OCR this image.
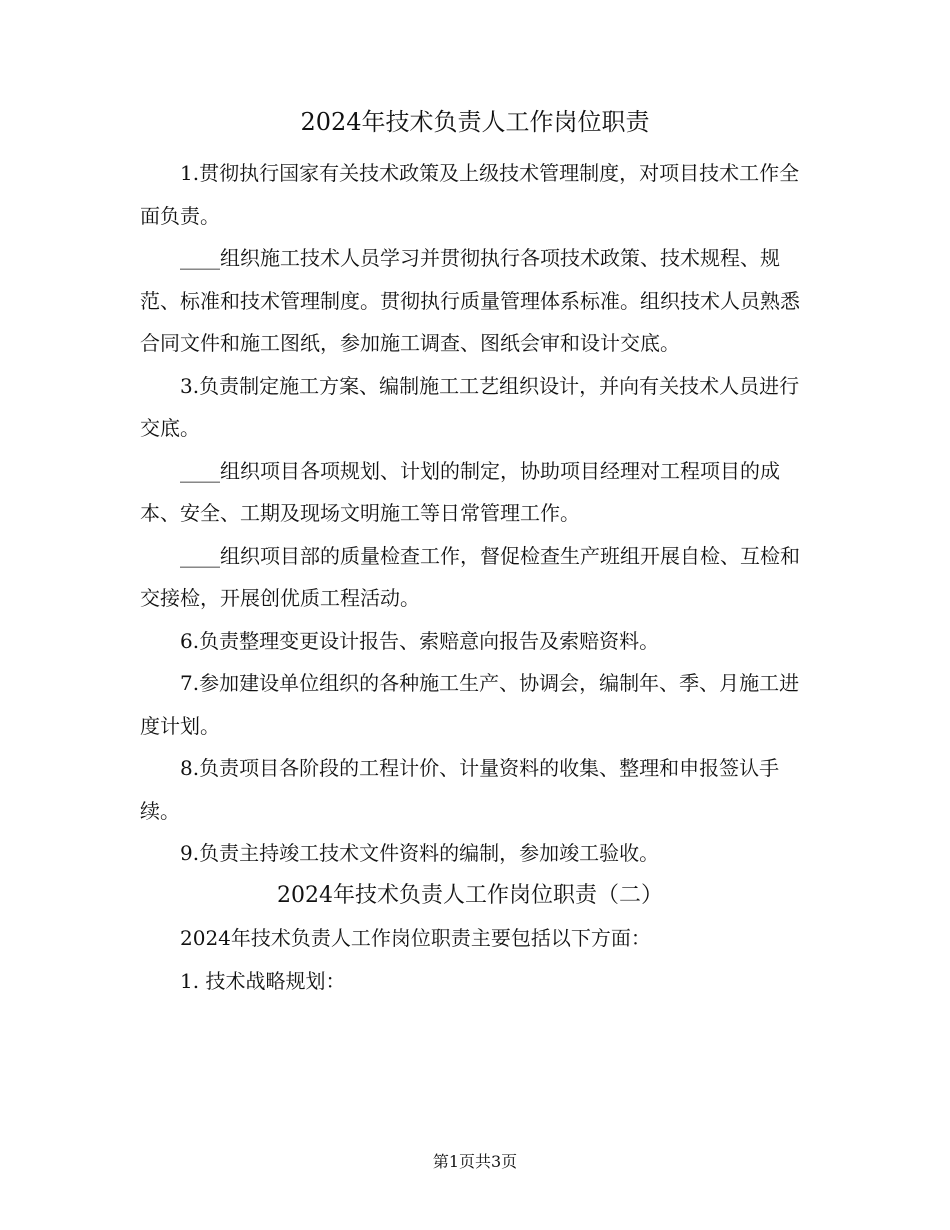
2024年技术负责人工作岗位职责

1.贯彻执行国家有关技术政策及上级技术管理制度，对项目技术工作全面负责。

____组织施工技术人员学习并贯彻执行各项技术政策、技术规程、规范、标准和技术管理制度。贯彻执行质量管理体系标准。组织技术人员熟悉合同文件和施工图纸，参加施工调查、图纸会审和设计交底。

3.负责制定施工方案、编制施工工艺组织设计，并向有关技术人员进行交底。

____组织项目各项规划、计划的制定，协助项目经理对工程项目的成本、安全、工期及现场文明施工等日常管理工作。

____组织项目部的质量检查工作，督促检查生产班组开展自检、互检和交接检，开展创优质工程活动。

6.负责整理变更设计报告、索赔意向报告及索赔资料。

7.参加建设单位组织的各种施工生产、协调会，编制年、季、月施工进度计划。

8.负责项目各阶段的工程计价、计量资料的收集、整理和申报签认手续。

9.负责主持竣工技术文件资料的编制，参加竣工验收。

2024年技术负责人工作岗位职责（二）

2024年技术负责人工作岗位职责主要包括以下方面：

1. 技术战略规划：

第1页共3页
